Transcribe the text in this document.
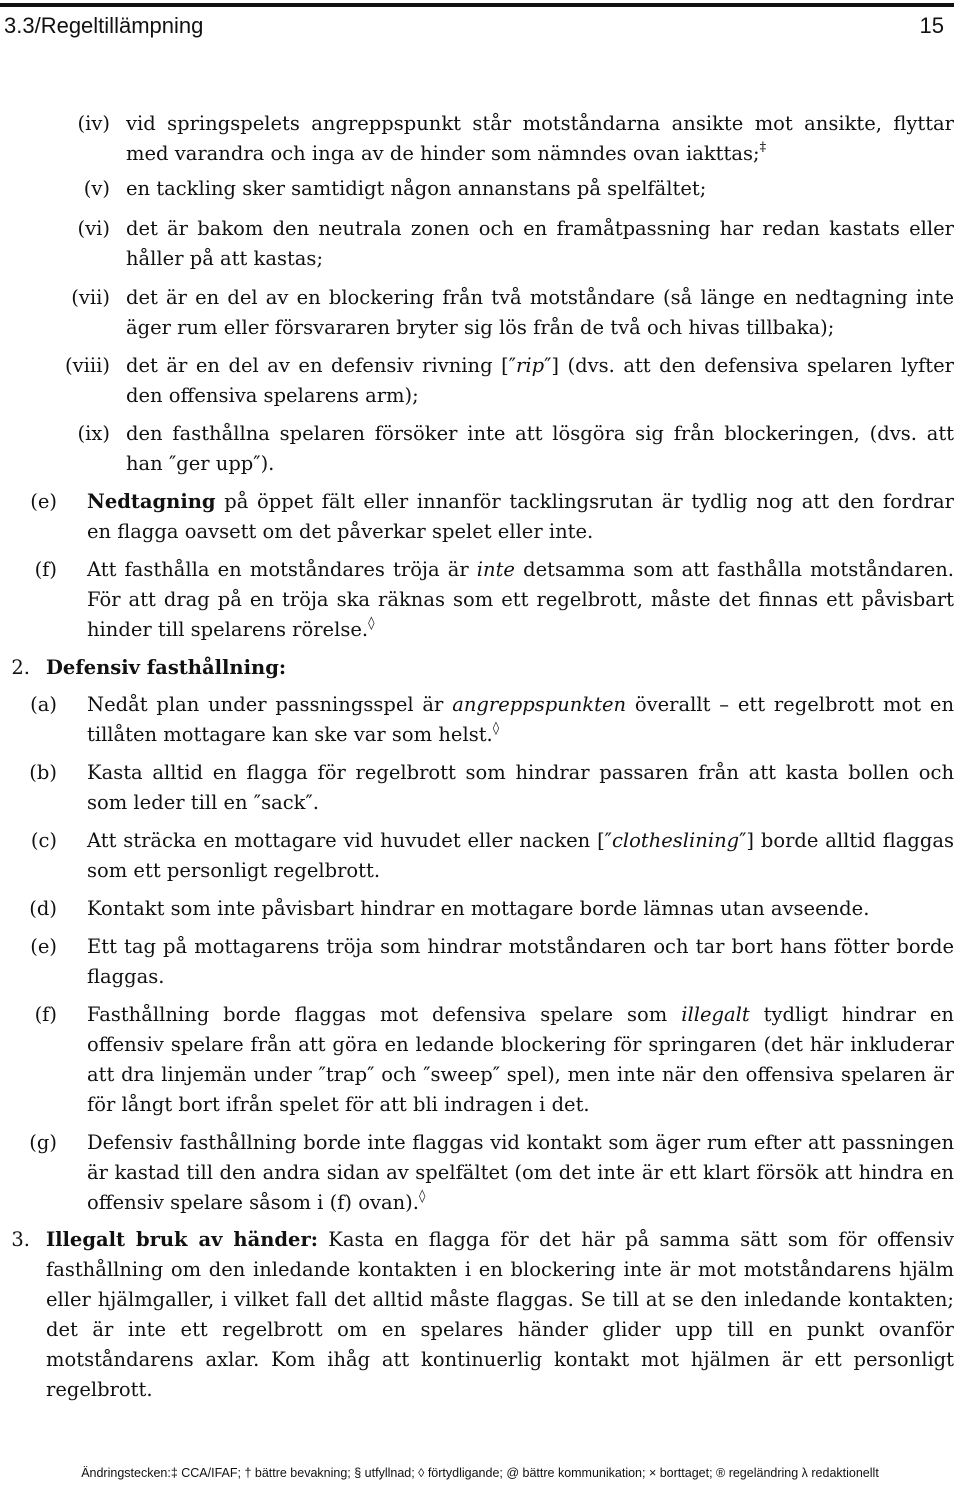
3.3/Regeltillämpning	15
(iv) vid springspelets angreppspunkt står motståndarna ansikte mot ansikte, flyttar med varandra och inga av de hinder som nämndes ovan iakttas;‡
(v) en tackling sker samtidigt någon annanstans på spelfältet;
(vi) det är bakom den neutrala zonen och en framåtpassning har redan kastats eller håller på att kastas;
(vii) det är en del av en blockering från två motståndare (så länge en nedtagning inte äger rum eller försvararen bryter sig lös från de två och hivas tillbaka);
(viii) det är en del av en defensiv rivning [″rip″] (dvs. att den defensiva spelaren lyfter den offensiva spelarens arm);
(ix) den fasthållna spelaren försöker inte att lösgöra sig från blockeringen, (dvs. att han ″ger upp″).
(e) Nedtagning på öppet fält eller innanför tacklingsrutan är tydlig nog att den fordrar en flagga oavsett om det påverkar spelet eller inte.
(f) Att fasthålla en motståndares tröja är inte detsamma som att fasthålla motståndaren. För att drag på en tröja ska räknas som ett regelbrott, måste det finnas ett påvisbart hinder till spelarens rörelse.◊
2. Defensiv fasthållning:
(a) Nedåt plan under passningsspel är angreppspunkten överallt – ett regelbrott mot en tillåten mottagare kan ske var som helst.◊
(b) Kasta alltid en flagga för regelbrott som hindrar passaren från att kasta bollen och som leder till en ″sack″.
(c) Att sträcka en mottagare vid huvudet eller nacken [″clotheslining″] borde alltid flaggas som ett personligt regelbrott.
(d) Kontakt som inte påvisbart hindrar en mottagare borde lämnas utan avseende.
(e) Ett tag på mottagarens tröja som hindrar motståndaren och tar bort hans fötter borde flaggas.
(f) Fasthållning borde flaggas mot defensiva spelare som illegalt tydligt hindrar en offensiv spelare från att göra en ledande blockering för springaren (det här inkluderar att dra linjemän under ″trap″ och ″sweep″ spel), men inte när den offensiva spelaren är för långt bort ifrån spelet för att bli indragen i det.
(g) Defensiv fasthållning borde inte flaggas vid kontakt som äger rum efter att passningen är kastad till den andra sidan av spelfältet (om det inte är ett klart försök att hindra en offensiv spelare såsom i (f) ovan).◊
3. Illegalt bruk av händer: Kasta en flagga för det här på samma sätt som för offensiv fasthållning om den inledande kontakten i en blockering inte är mot motståndarens hjälm eller hjälmgaller, i vilket fall det alltid måste flaggas. Se till at se den inledande kontakten; det är inte ett regelbrott om en spelares händer glider upp till en punkt ovanför motståndarens axlar. Kom ihåg att kontinuerlig kontakt mot hjälmen är ett personligt regelbrott.
Ändringstecken:‡ CCA/IFAF; † bättre bevakning; § utfyllnad; ◊ förtydligande; @ bättre kommunikation; × borttaget; ® regeländring λ redaktionellt
